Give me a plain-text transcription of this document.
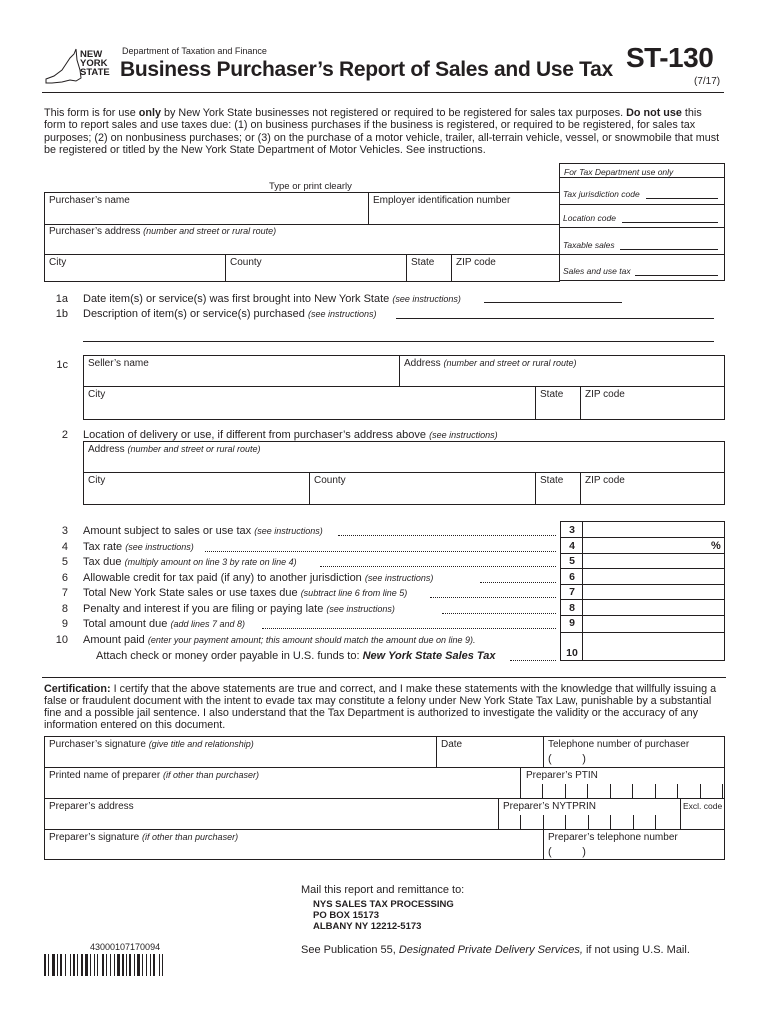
NEW
YORK
STATE
Department of Taxation and Finance
Business Purchaser’s Report of Sales and Use Tax ST-130
(7/17)
This form is for use only by New York State businesses not registered or required to be registered for sales tax purposes. Do not use this form to report sales and use taxes due: (1) on business purchases if the business is registered, or required to be registered, for sales tax purposes; (2) on nonbusiness purchases; or (3) on the purchase of a motor vehicle, trailer, all-terrain vehicle, vessel, or snowmobile that must be registered or titled by the New York State Department of Motor Vehicles. See instructions.
For Tax Department use only
Tax jurisdiction code
Location code
Taxable sales
Sales and use tax
Type or print clearly
Purchaser’s name	Employer identification number
Purchaser’s address (number and street or rural route)
City	County	State ZIP code
1a Date item(s) or service(s) was first brought into New York State (see instructions)
1b Description of item(s) or service(s) purchased (see instructions)
1c Seller’s name	Address (number and street or rural route)
City	State ZIP code
2 Location of delivery or use, if different from purchaser’s address above (see instructions)
Address (number and street or rural route)
City	County	State ZIP code
3 Amount subject to sales or use tax (see instructions)	3
4 Tax rate (see instructions)	4	%
5 Tax due (multiply amount on line 3 by rate on line 4)	5
6 Allowable credit for tax paid (if any) to another jurisdiction (see instructions)	6
7 Total New York State sales or use taxes due (subtract line 6 from line 5)	7
8 Penalty and interest if you are filing or paying late (see instructions)	8
9 Total amount due (add lines 7 and 8)	9
10 Amount paid (enter your payment amount; this amount should match the amount due on line 9).
Attach check or money order payable in U.S. funds to: New York State Sales Tax	10
Certification: I certify that the above statements are true and correct, and I make these statements with the knowledge that willfully issuing a false or fraudulent document with the intent to evade tax may constitute a felony under New York State Tax Law, punishable by a substantial fine and a possible jail sentence. I also understand that the Tax Department is authorized to investigate the validity or the accuracy of any information entered on this document.
Purchaser’s signature (give title and relationship)	Date	Telephone number of purchaser
(          )
Printed name of preparer (if other than purchaser)	Preparer’s PTIN
Preparer’s address	Preparer’s NYTPRIN	Excl. code
Preparer’s signature (if other than purchaser)	Preparer’s telephone number
(          )
Mail this report and remittance to:
NYS SALES TAX PROCESSING
PO BOX 15173
ALBANY NY 12212-5173
See Publication 55, Designated Private Delivery Services, if not using U.S. Mail.
43000107170094
